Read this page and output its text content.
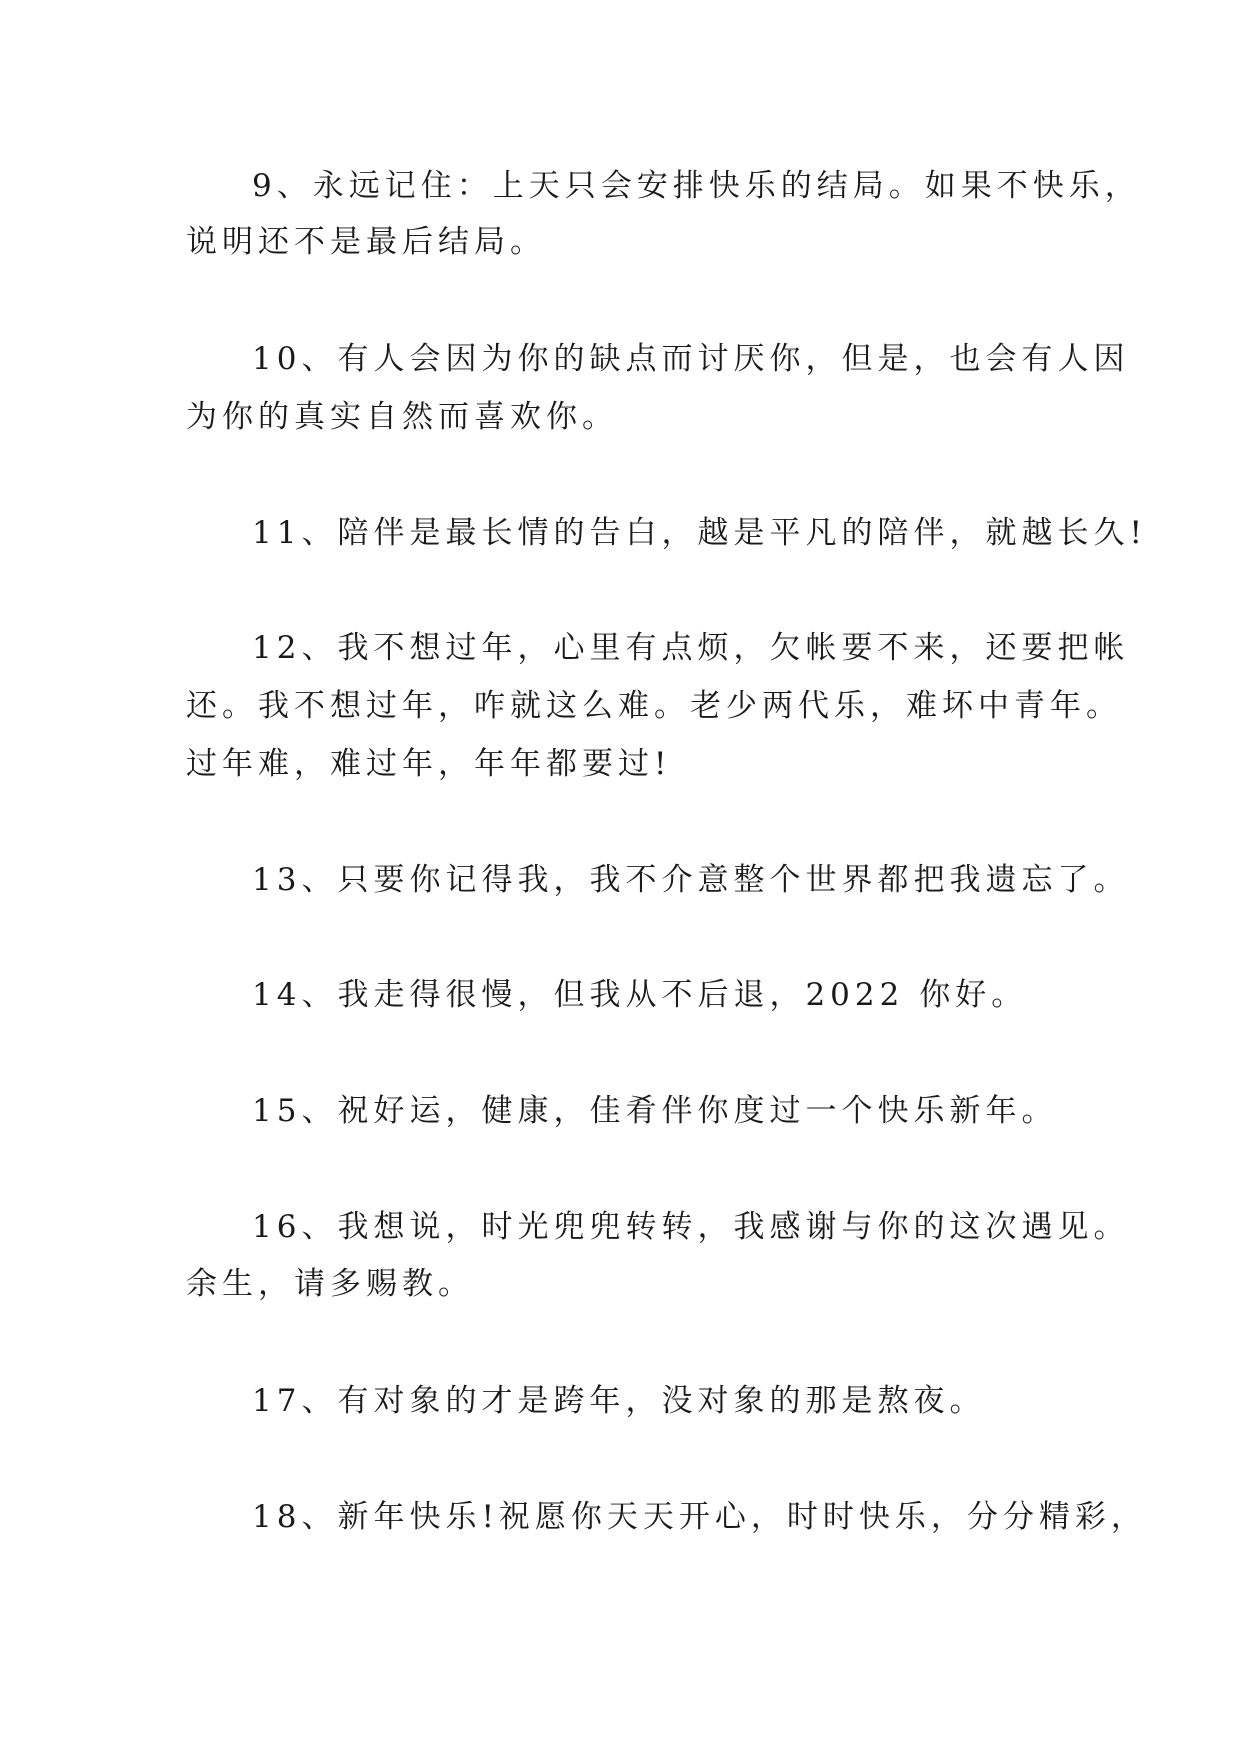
9、永远记住：上天只会安排快乐的结局。如果不快乐，
说明还不是最后结局。
10、有人会因为你的缺点而讨厌你，但是，也会有人因
为你的真实自然而喜欢你。
11、陪伴是最长情的告白，越是平凡的陪伴，就越长久!
12、我不想过年，心里有点烦，欠帐要不来，还要把帐
还。我不想过年，咋就这么难。老少两代乐，难坏中青年。
过年难，难过年，年年都要过!
13、只要你记得我，我不介意整个世界都把我遗忘了。
14、我走得很慢，但我从不后退，2022 你好。
15、祝好运，健康，佳肴伴你度过一个快乐新年。
16、我想说，时光兜兜转转，我感谢与你的这次遇见。
余生，请多赐教。
17、有对象的才是跨年，没对象的那是熬夜。
18、新年快乐!祝愿你天天开心，时时快乐，分分精彩，
